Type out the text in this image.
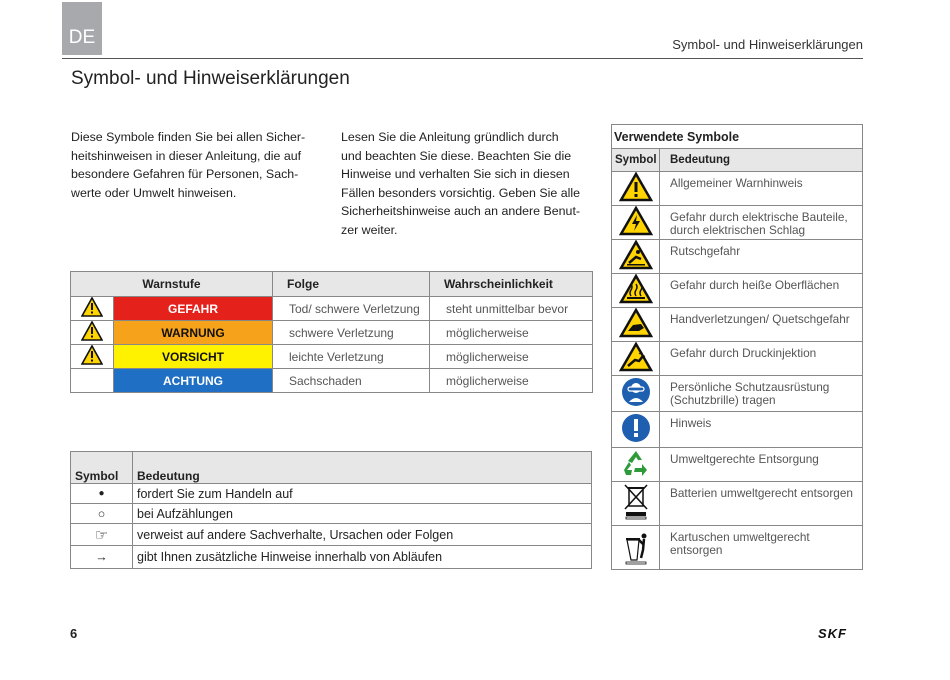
DE	Symbol- und Hinweiserklärungen
Symbol- und Hinweiserklärungen
Diese Symbole finden Sie bei allen Sicher-
heitshinweisen in dieser Anleitung, die auf
besondere Gefahren für Personen, Sach-
werte oder Umwelt hinweisen.
Lesen Sie die Anleitung gründlich durch
und beachten Sie diese. Beachten Sie die
Hinweise und verhalten Sie sich in diesen
Fällen besonders vorsichtig. Geben Sie alle
Sicherheitshinweise auch an andere Benut-
zer weiter.
Warnstufe		Folge	Wahrscheinlichkeit
	GEFAHR	Tod/ schwere Verletzung	steht unmittelbar bevor
	WARNUNG	schwere Verletzung	möglicherweise
	VORSICHT	leichte Verletzung	möglicherweise
	ACHTUNG	Sachschaden	möglicherweise
Symbol	Bedeutung
●	fordert Sie zum Handeln auf
○	bei Aufzählungen
☞	verweist auf andere Sachverhalte, Ursachen oder Folgen
→	gibt Ihnen zusätzliche Hinweise innerhalb von Abläufen
Verwendete Symbole	
Symbol	Bedeutung

Allgemeiner Warnhinweis

Gefahr durch elektrische Bauteile,
durch elektrischen Schlag

Rutschgefahr

Gefahr durch heiße Oberflächen

Handverletzungen/ Quetschgefahr

Gefahr durch Druckinjektion

Persönliche Schutzausrüstung
(Schutzbrille) tragen

Hinweis

Umweltgerechte Entsorgung

Batterien umweltgerecht entsorgen

Kartuschen umweltgerecht
entsorgen
6	SKF
